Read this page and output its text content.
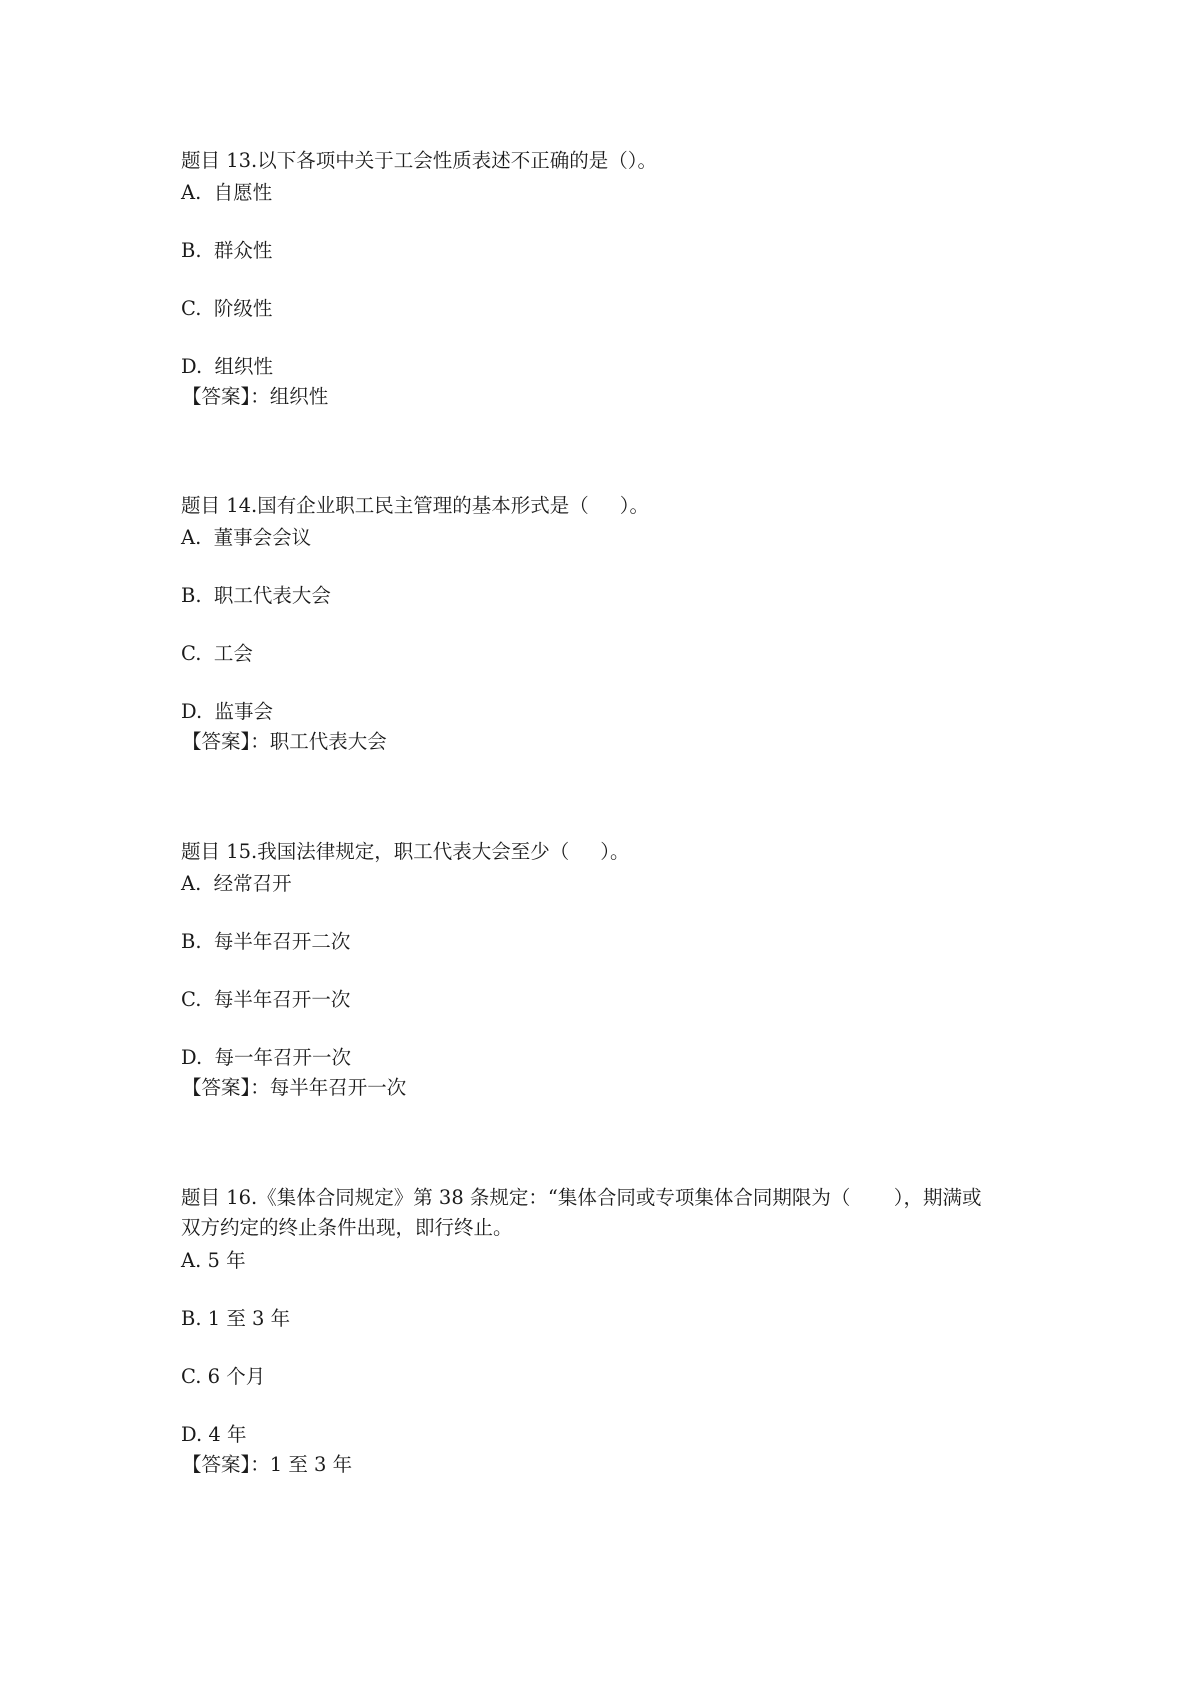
题目 13.以下各项中关于工会性质表述不正确的是（）。

A.  自愿性

B.  群众性

C.  阶级性

D.  组织性

【答案】：组织性

题目 14.国有企业职工民主管理的基本形式是（     ）。

A.  董事会会议

B.  职工代表大会

C.  工会

D.  监事会

【答案】：职工代表大会

题目 15.我国法律规定，职工代表大会至少（     ）。

A.  经常召开

B.  每半年召开二次

C.  每半年召开一次

D.  每一年召开一次

【答案】：每半年召开一次

题目 16.《集体合同规定》第 38 条规定：“集体合同或专项集体合同期限为（       ），期满或

双方约定的终止条件出现，即行终止。

A. 5 年

B. 1 至 3 年

C. 6 个月

D. 4 年

【答案】：1 至 3 年
